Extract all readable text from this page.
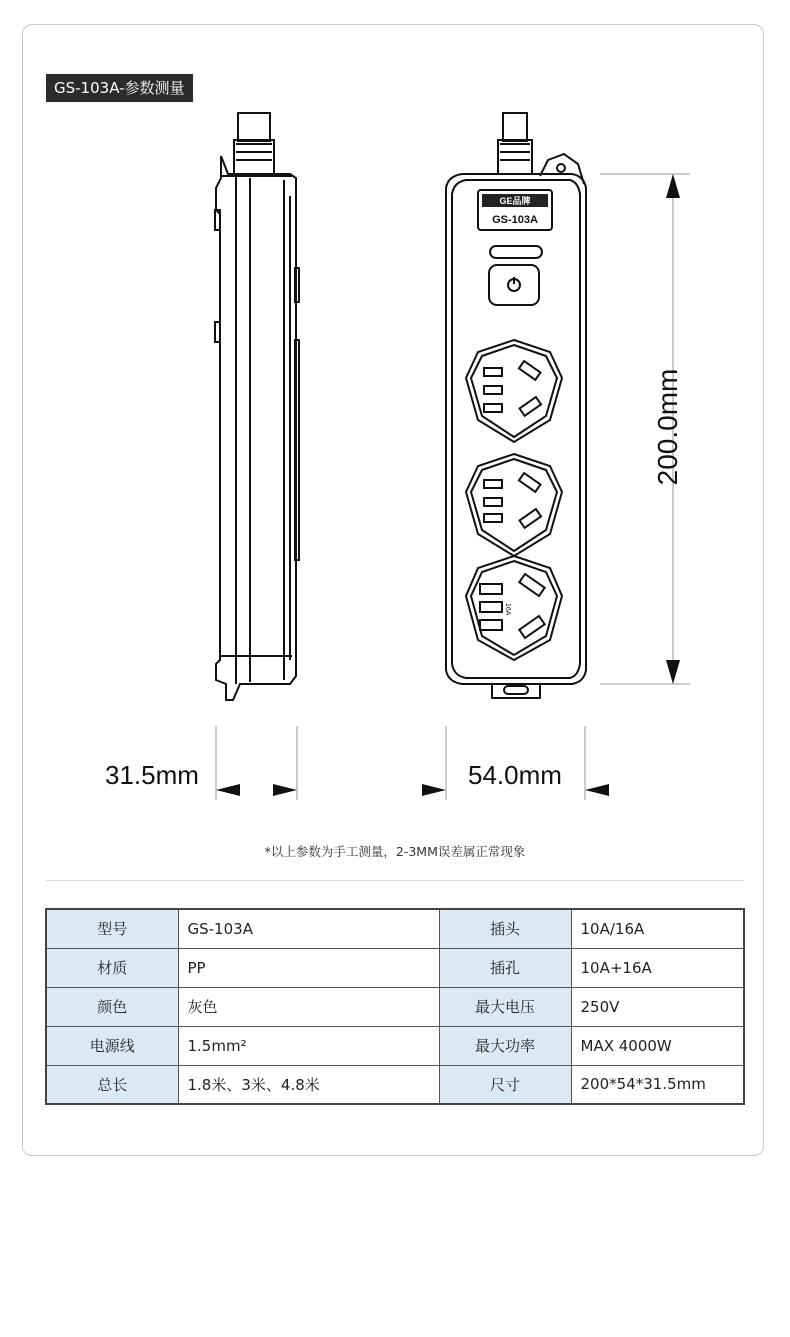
GS-103A-参数测量
GE品牌
GS-103A
16A
31.5mm	54.0mm
200.0mm
*以上参数为手工测量，2-3MM误差属正常现象
型号	GS-103A	插头	10A/16A
材质	PP	插孔	10A+16A
颜色	灰色	最大电压	250V
电源线	1.5mm²	最大功率	MAX 4000W
总长	1.8米、3米、4.8米	尺寸	200*54*31.5mm
